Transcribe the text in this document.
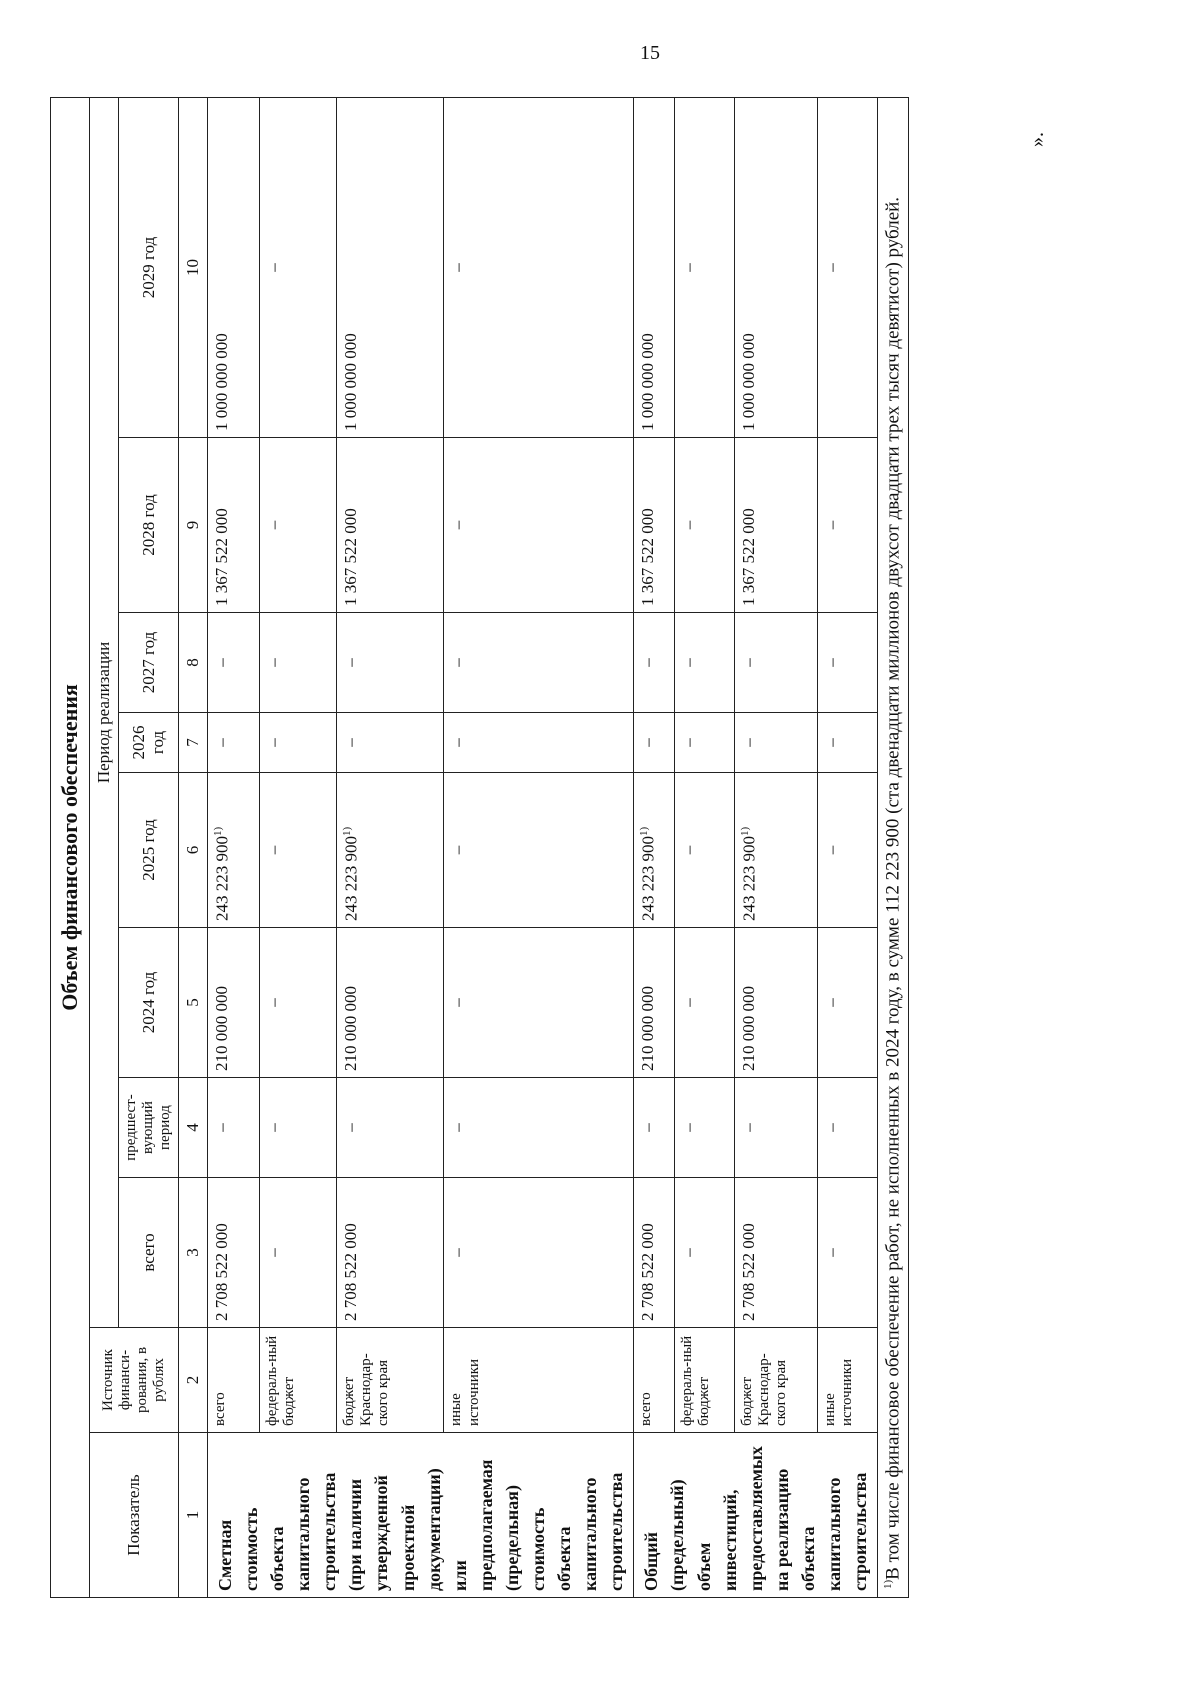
15
».
Объем финансового обеспечения									
Показатель	Источник финанси-рования, в рублях	Период реализации							
		всего	предшест-вующий период	2024 год	2025 год	2026 год	2027 год	2028 год	2029 год
1	2	3	4	5	6	7	8	9	10
Сметная стоимость объекта капитального строительства (при наличии утвержденной проектной документации) или предполагаемая (предельная) стоимость объекта капитального строительства	всего	2 708 522 000	–	210 000 000	243 223 900$^{1)}$	–	–	1 367 522 000	1 000 000 000
	федераль-ный бюджет	–	–	–	–	–	–	–	–
	бюджет Краснодар-ского края	2 708 522 000	–	210 000 000	243 223 900$^{1)}$	–	–	1 367 522 000	1 000 000 000
	иные источники	–	–	–	–	–	–	–	–
Общий (предельный) объем инвестиций, предоставляемых на реализацию объекта капитального строительства	всего	2 708 522 000	–	210 000 000	243 223 900$^{1)}$	–	–	1 367 522 000	1 000 000 000
	федераль-ный бюджет	–	–	–	–	–	–	–	–
	бюджет Краснодар-ского края	2 708 522 000	–	210 000 000	243 223 900$^{1)}$	–	–	1 367 522 000	1 000 000 000
	иные источники	–	–	–	–	–	–	–	–
$^{1)}$В том числе финансовое обеспечение работ, не исполненных в 2024 году, в сумме 112 223 900 (ста двенадцати миллионов двухсот двадцати трех тысяч девятисот) рублей.									
